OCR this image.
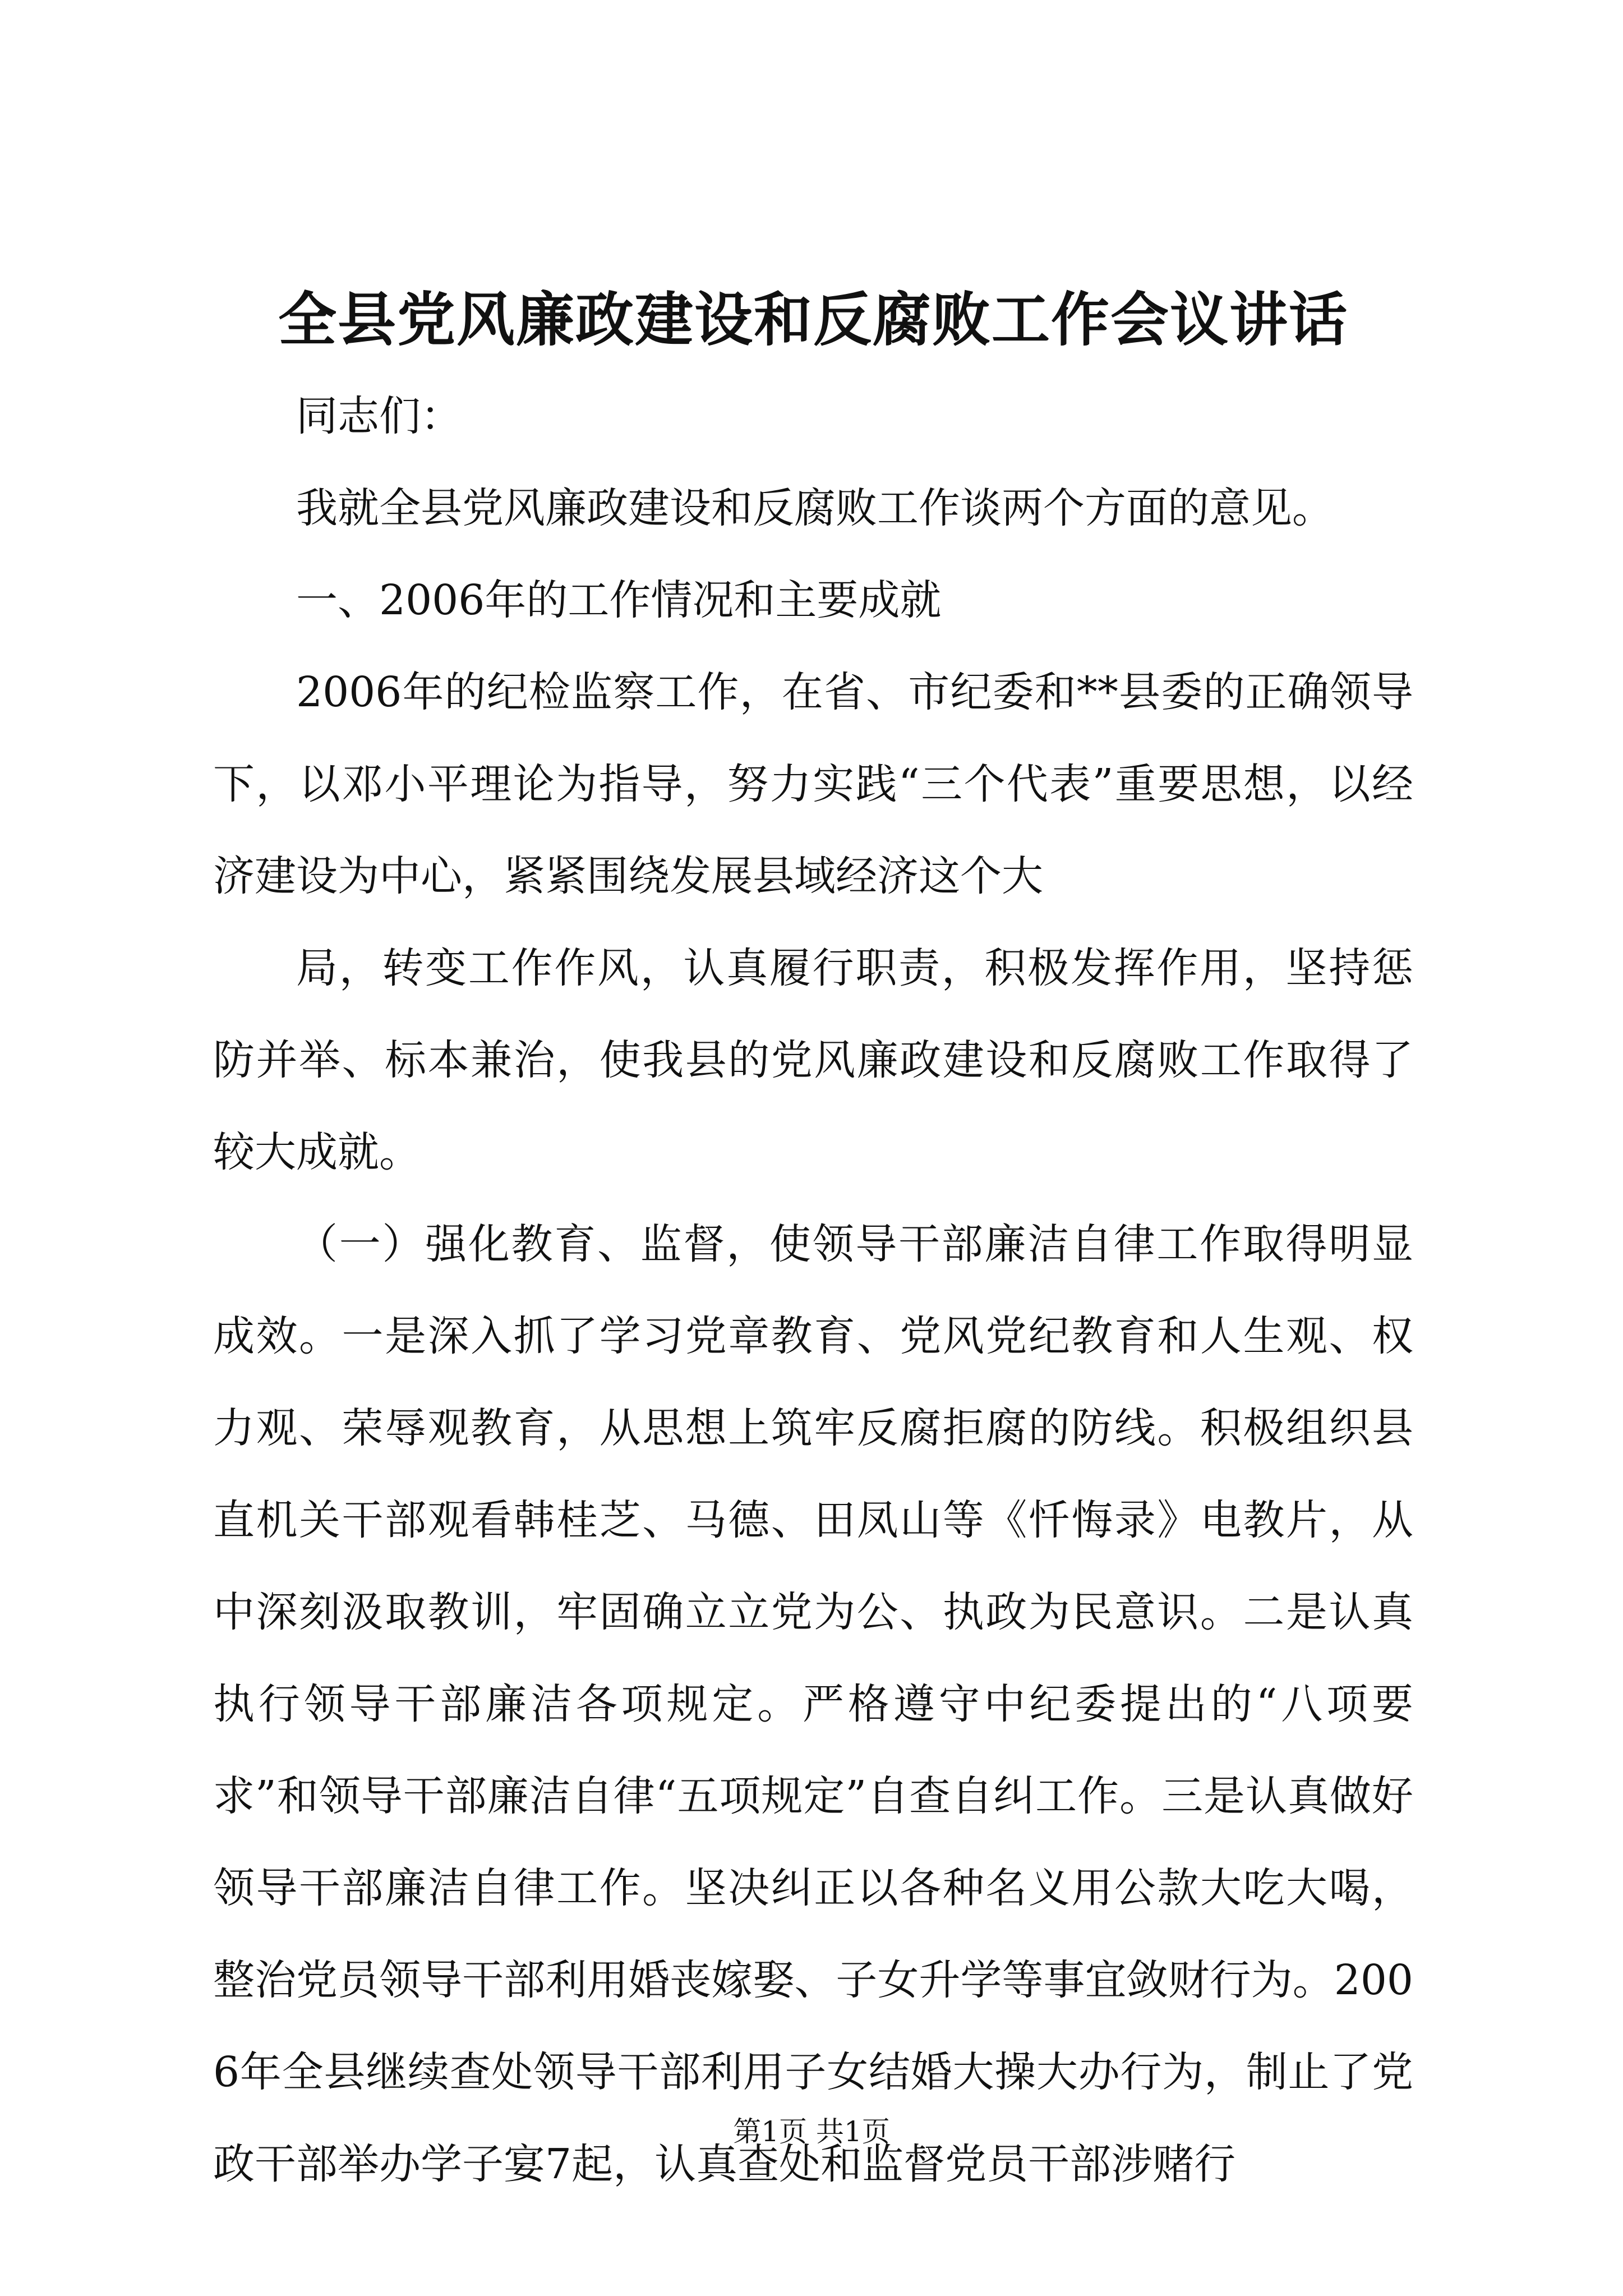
全县党风廉政建设和反腐败工作会议讲话

同志们：

我就全县党风廉政建设和反腐败工作谈两个方面的意见。

一、2006年的工作情况和主要成就

2006年的纪检监察工作，在省、市纪委和**县委的正确领导下，以邓小平理论为指导，努力实践“三个代表”重要思想，以经济建设为中心，紧紧围绕发展县域经济这个大

局，转变工作作风，认真履行职责，积极发挥作用，坚持惩防并举、标本兼治，使我县的党风廉政建设和反腐败工作取得了较大成就。

（一）强化教育、监督，使领导干部廉洁自律工作取得明显成效。一是深入抓了学习党章教育、党风党纪教育和人生观、权力观、荣辱观教育，从思想上筑牢反腐拒腐的防线。积极组织县直机关干部观看韩桂芝、马德、田凤山等《忏悔录》电教片，从中深刻汲取教训，牢固确立立党为公、执政为民意识。二是认真执行领导干部廉洁各项规定。严格遵守中纪委提出的“八项要求”和领导干部廉洁自律“五项规定”自查自纠工作。三是认真做好领导干部廉洁自律工作。坚决纠正以各种名义用公款大吃大喝，整治党员领导干部利用婚丧嫁娶、子女升学等事宜敛财行为。2006年全县继续查处领导干部利用子女结婚大操大办行为，制止了党政干部举办学子宴7起，认真查处和监督党员干部涉赌行

第1页 共1页
